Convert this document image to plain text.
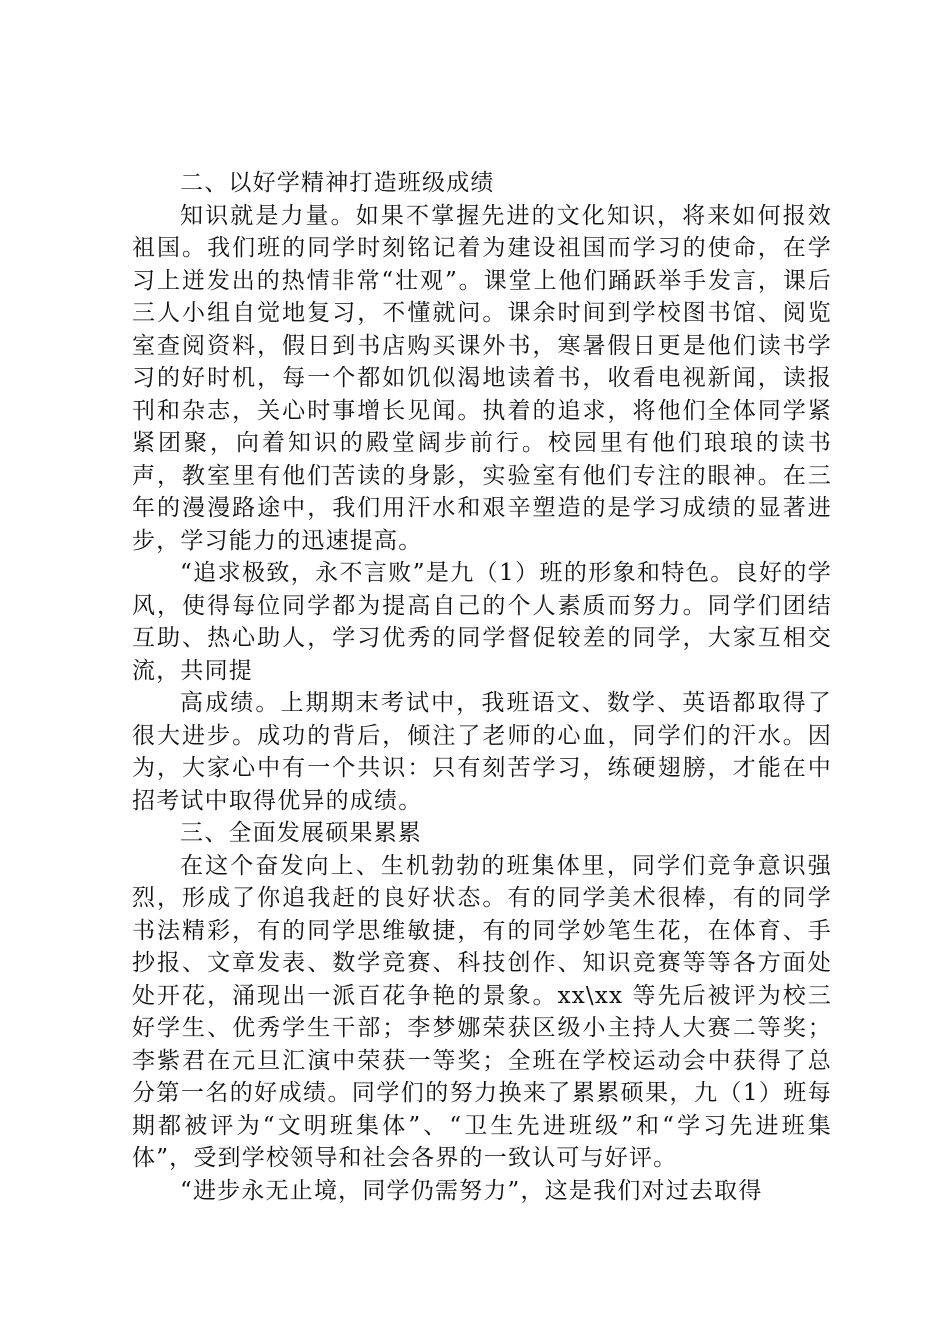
二、以好学精神打造班级成绩

知识就是力量。如果不掌握先进的文化知识，将来如何报效祖国。我们班的同学时刻铭记着为建设祖国而学习的使命，在学习上迸发出的热情非常“壮观”。课堂上他们踊跃举手发言，课后三人小组自觉地复习，不懂就问。课余时间到学校图书馆、阅览室查阅资料，假日到书店购买课外书，寒暑假日更是他们读书学习的好时机，每一个都如饥似渴地读着书，收看电视新闻，读报刊和杂志，关心时事增长见闻。执着的追求，将他们全体同学紧紧团聚，向着知识的殿堂阔步前行。校园里有他们琅琅的读书声，教室里有他们苦读的身影，实验室有他们专注的眼神。在三年的漫漫路途中，我们用汗水和艰辛塑造的是学习成绩的显著进步，学习能力的迅速提高。

“追求极致，永不言败”是九（1）班的形象和特色。良好的学风，使得每位同学都为提高自己的个人素质而努力。同学们团结互助、热心助人，学习优秀的同学督促较差的同学，大家互相交流，共同提

高成绩。上期期末考试中，我班语文、数学、英语都取得了很大进步。成功的背后，倾注了老师的心血，同学们的汗水。因为，大家心中有一个共识：只有刻苦学习，练硬翅膀，才能在中招考试中取得优异的成绩。

三、全面发展硕果累累

在这个奋发向上、生机勃勃的班集体里，同学们竞争意识强烈，形成了你追我赶的良好状态。有的同学美术很棒，有的同学书法精彩，有的同学思维敏捷，有的同学妙笔生花，在体育、手抄报、文章发表、数学竞赛、科技创作、知识竞赛等等各方面处处开花，涌现出一派百花争艳的景象。xx\xx 等先后被评为校三好学生、优秀学生干部；李梦娜荣获区级小主持人大赛二等奖；李紫君在元旦汇演中荣获一等奖；全班在学校运动会中获得了总分第一名的好成绩。同学们的努力换来了累累硕果，九（1）班每期都被评为“文明班集体”、“卫生先进班级”和“学习先进班集体”，受到学校领导和社会各界的一致认可与好评。

“进步永无止境，同学仍需努力”，这是我们对过去取得
